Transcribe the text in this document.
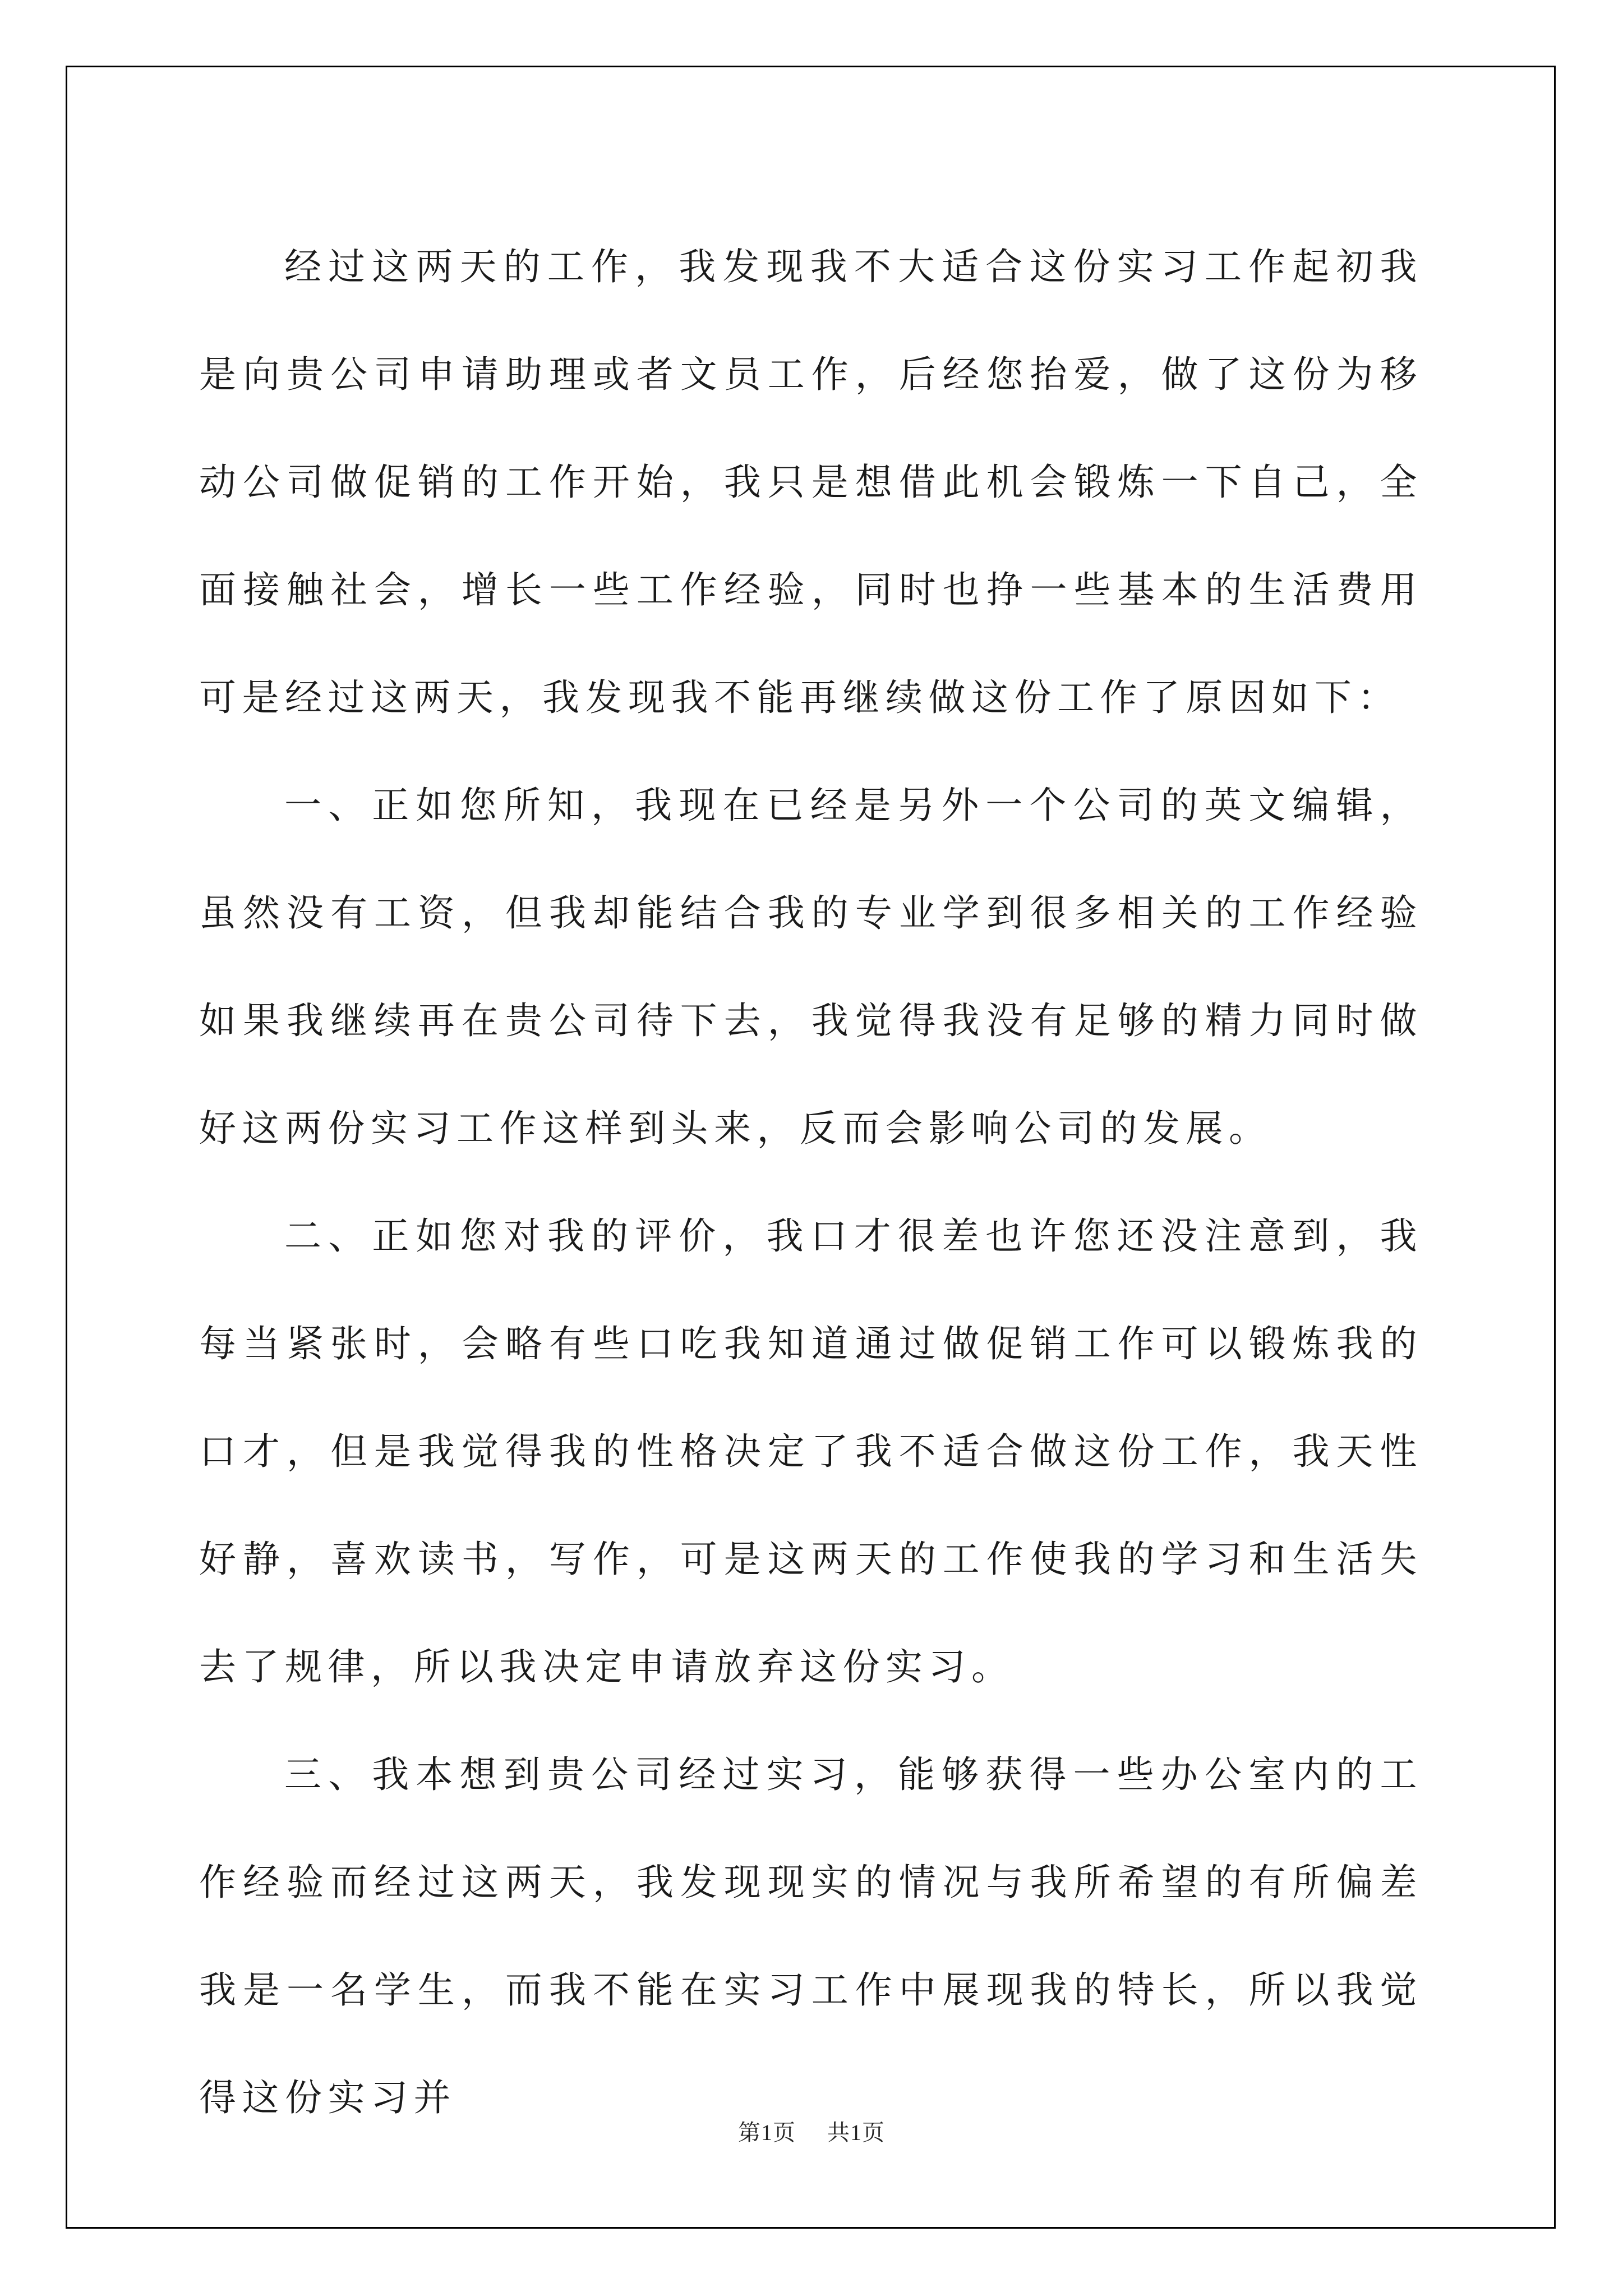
经过这两天的工作，我发现我不大适合这份实习工作起初我是向贵公司申请助理或者文员工作，后经您抬爱，做了这份为移动公司做促销的工作开始，我只是想借此机会锻炼一下自己，全面接触社会，增长一些工作经验，同时也挣一些基本的生活费用可是经过这两天，我发现我不能再继续做这份工作了原因如下：

一、正如您所知，我现在已经是另外一个公司的英文编辑，虽然没有工资，但我却能结合我的专业学到很多相关的工作经验如果我继续再在贵公司待下去，我觉得我没有足够的精力同时做好这两份实习工作这样到头来，反而会影响公司的发展。

二、正如您对我的评价，我口才很差也许您还没注意到，我每当紧张时，会略有些口吃我知道通过做促销工作可以锻炼我的口才，但是我觉得我的性格决定了我不适合做这份工作，我天性好静，喜欢读书，写作，可是这两天的工作使我的学习和生活失去了规律，所以我决定申请放弃这份实习。

三、我本想到贵公司经过实习，能够获得一些办公室内的工作经验而经过这两天，我发现现实的情况与我所希望的有所偏差我是一名学生，而我不能在实习工作中展现我的特长，所以我觉得这份实习并

第1页 共1页
